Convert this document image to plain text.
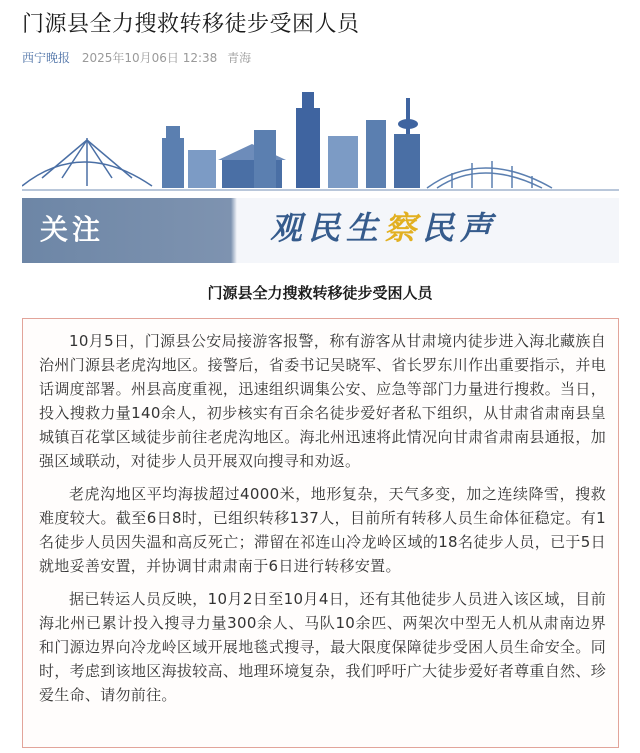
门源县全力搜救转移徒步受困人员
西宁晚报 2025年10月06日 12:38 青海
关注	观民生察民声
门源县全力搜救转移徒步受困人员

10月5日，门源县公安局接游客报警，称有游客从甘肃境内徒步进入海北藏族自治州门源县老虎沟地区。接警后，省委书记吴晓军、省长罗东川作出重要指示，并电话调度部署。州县高度重视，迅速组织调集公安、应急等部门力量进行搜救。当日，投入搜救力量140余人，初步核实有百余名徒步爱好者私下组织，从甘肃省肃南县皇城镇百花掌区域徒步前往老虎沟地区。海北州迅速将此情况向甘肃省肃南县通报，加强区域联动，对徒步人员开展双向搜寻和劝返。

老虎沟地区平均海拔超过4000米，地形复杂，天气多变，加之连续降雪，搜救难度较大。截至6日8时，已组织转移137人，目前所有转移人员生命体征稳定。有1名徒步人员因失温和高反死亡；滞留在祁连山冷龙岭区域的18名徒步人员，已于5日就地妥善安置，并协调甘肃肃南于6日进行转移安置。

据已转运人员反映，10月2日至10月4日，还有其他徒步人员进入该区域，目前海北州已累计投入搜寻力量300余人、马队10余匹、两架次中型无人机从肃南边界和门源边界向冷龙岭区域开展地毯式搜寻，最大限度保障徒步受困人员生命安全。同时，考虑到该地区海拔较高、地理环境复杂，我们呼吁广大徒步爱好者尊重自然、珍爱生命、请勿前往。
